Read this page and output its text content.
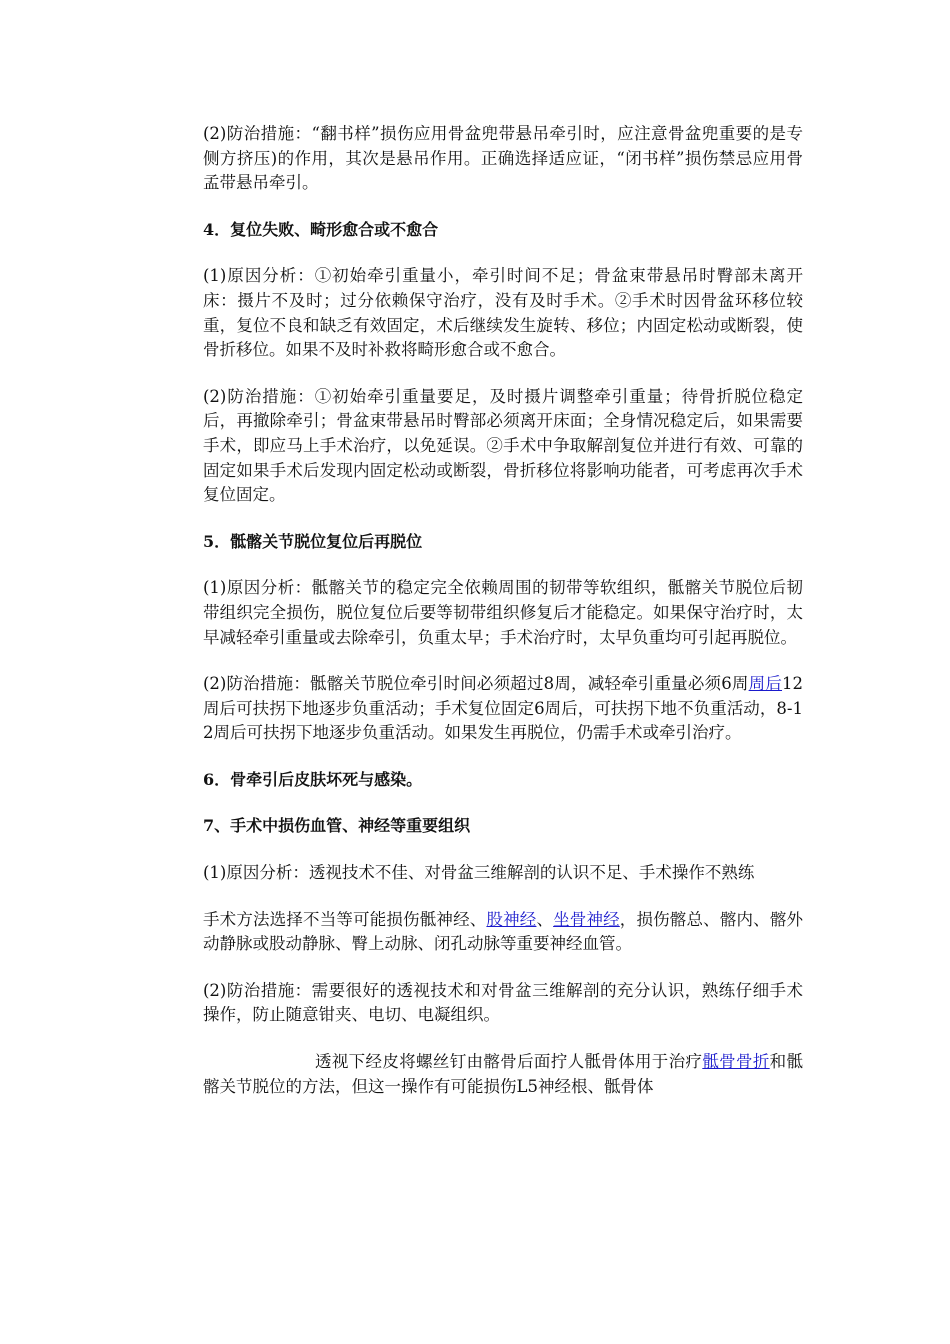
(2)防治措施：“翻书样”损伤应用骨盆兜带悬吊牵引时，应注意骨盆兜重要的是专侧方挤压)的作用，其次是悬吊作用。正确选择适应证，“闭书样”损伤禁忌应用骨孟带悬吊牵引。

4．复位失败、畸形愈合或不愈合

(1)原因分析：①初始牵引重量小，牵引时间不足；骨盆束带悬吊时臀部未离开床：摄片不及时；过分依赖保守治疗，没有及时手术。②手术时因骨盆环移位较重，复位不良和缺乏有效固定，术后继续发生旋转、移位；内固定松动或断裂，使骨折移位。如果不及时补救将畸形愈合或不愈合。

(2)防治措施：①初始牵引重量要足，及时摄片调整牵引重量；待骨折脱位稳定后，再撤除牵引；骨盆束带悬吊时臀部必须离开床面；全身情况稳定后，如果需要手术，即应马上手术治疗，以免延误。②手术中争取解剖复位并进行有效、可靠的固定如果手术后发现内固定松动或断裂，骨折移位将影响功能者，可考虑再次手术复位固定。

5．骶髂关节脱位复位后再脱位

(1)原因分析：骶髂关节的稳定完全依赖周围的韧带等软组织，骶髂关节脱位后韧带组织完全损伤，脱位复位后要等韧带组织修复后才能稳定。如果保守治疗时，太早减轻牵引重量或去除牵引，负重太早；手术治疗时，太早负重均可引起再脱位。

(2)防治措施：骶髂关节脱位牵引时间必须超过8周，减轻牵引重量必须6周周后12周后可扶拐下地逐步负重活动；手术复位固定6周后，可扶拐下地不负重活动，8-12周后可扶拐下地逐步负重活动。如果发生再脱位，仍需手术或牵引治疗。

6．骨牵引后皮肤坏死与感染。

7、手术中损伤血管、神经等重要组织

(1)原因分析：透视技术不佳、对骨盆三维解剖的认识不足、手术操作不熟练

手术方法选择不当等可能损伤骶神经、股神经、坐骨神经，损伤髂总、髂内、髂外动静脉或股动静脉、臀上动脉、闭孔动脉等重要神经血管。

(2)防治措施：需要很好的透视技术和对骨盆三维解剖的充分认识，熟练仔细手术操作，防止随意钳夹、电切、电凝组织。

透视下经皮将螺丝钉由髂骨后面拧人骶骨体用于治疗骶骨骨折和骶髂关节脱位的方法，但这一操作有可能损伤L5神经根、骶骨体
